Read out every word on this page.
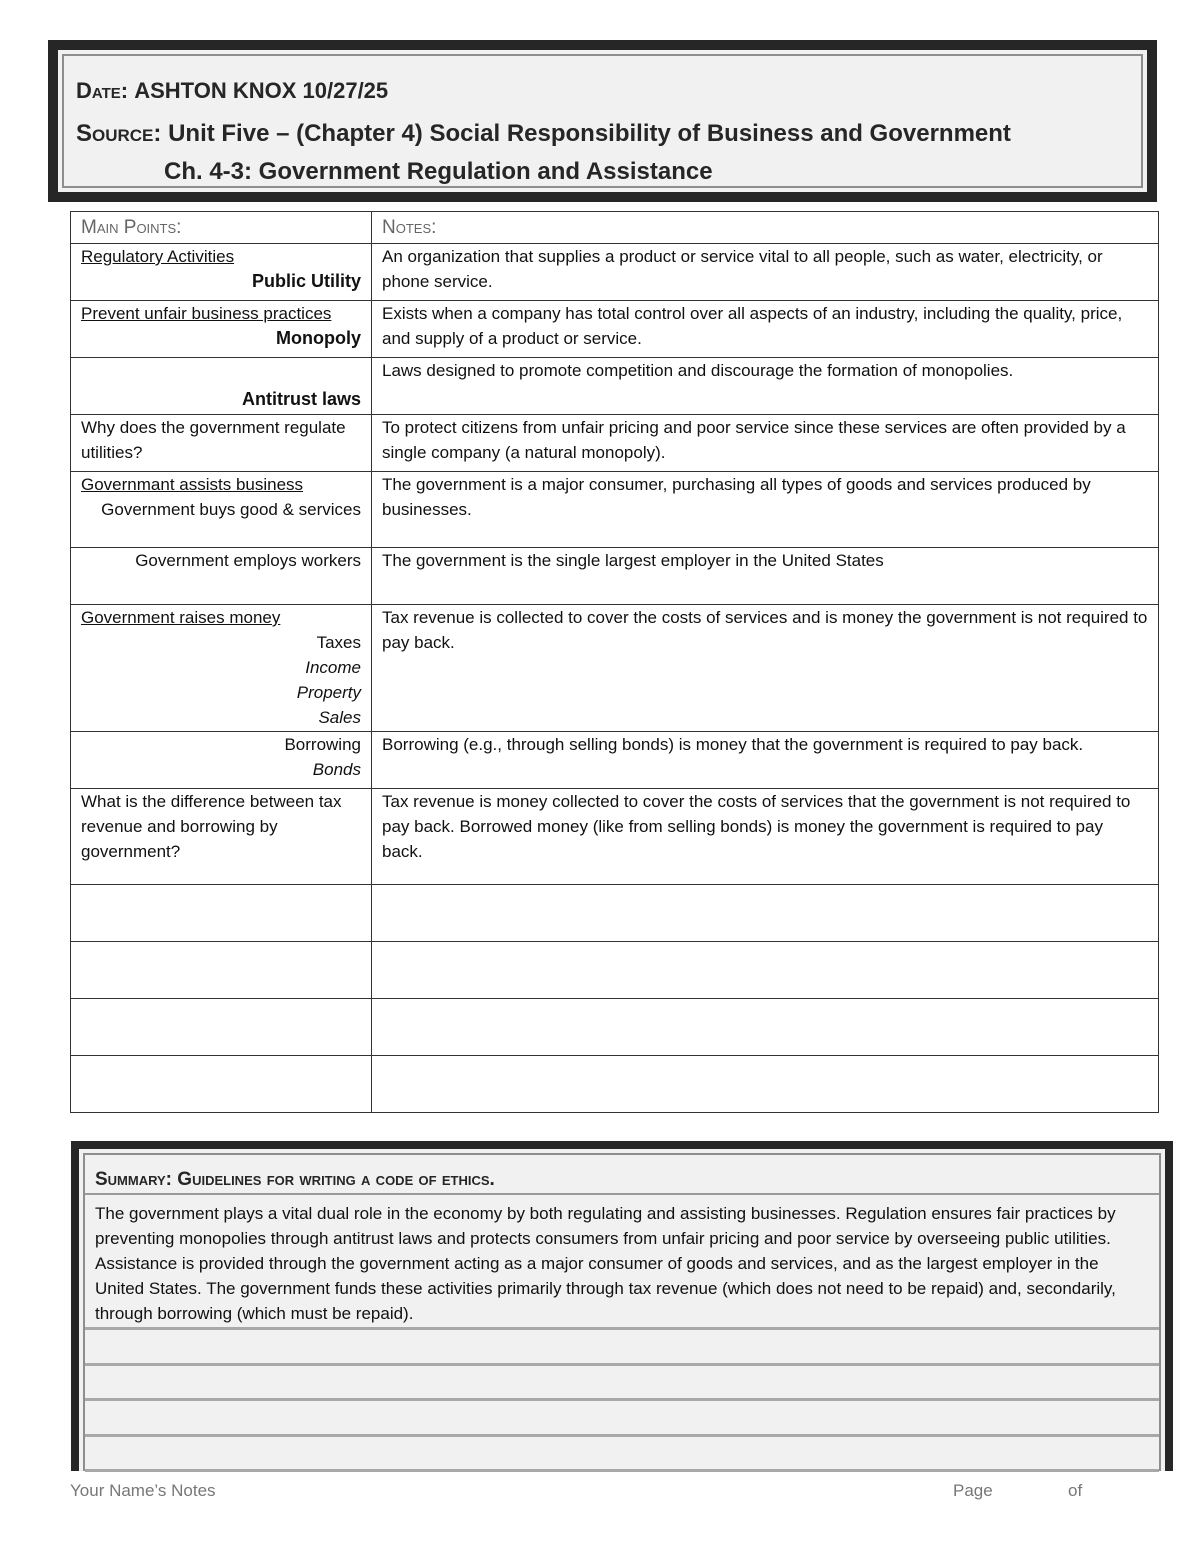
Date: ASHTON KNOX 10/27/25
Source: Unit Five – (Chapter 4) Social Responsibility of Business and Government
Ch. 4-3: Government Regulation and Assistance
Main Points:	Notes:
Regulatory Activities
Public Utility	An organization that supplies a product or service vital to all people, such as water, electricity, or phone service.
Prevent unfair business practices
Monopoly	Exists when a company has total control over all aspects of an industry, including the quality, price, and supply of a product or service.

Antitrust laws	Laws designed to promote competition and discourage the formation of monopolies.
Why does the government regulate utilities?	To protect citizens from unfair pricing and poor service since these services are often provided by a single company (a natural monopoly).
Governmant assists business
Government buys good & services	The government is a major consumer, purchasing all types of goods and services produced by businesses.

Government employs workers	The government is the single largest employer in the United States
Government raises money
Taxes
Income
Property
Sales	Tax revenue is collected to cover the costs of services and is money the government is not required to pay back.

Borrowing
Bonds	Borrowing (e.g., through selling bonds) is money that the government is required to pay back.
What is the difference between tax revenue and borrowing by government?	Tax revenue is money collected to cover the costs of services that the government is not required to pay back. Borrowed money (like from selling bonds) is money the government is required to pay back.

Summary: Guidelines for writing a code of ethics.
The government plays a vital dual role in the economy by both regulating and assisting businesses. Regulation ensures fair practices by preventing monopolies through antitrust laws and protects consumers from unfair pricing and poor service by overseeing public utilities. Assistance is provided through the government acting as a major consumer of goods and services, and as the largest employer in the United States. The government funds these activities primarily through tax revenue (which does not need to be repaid) and, secondarily, through borrowing (which must be repaid).
Your Name’s Notes	Page	of
